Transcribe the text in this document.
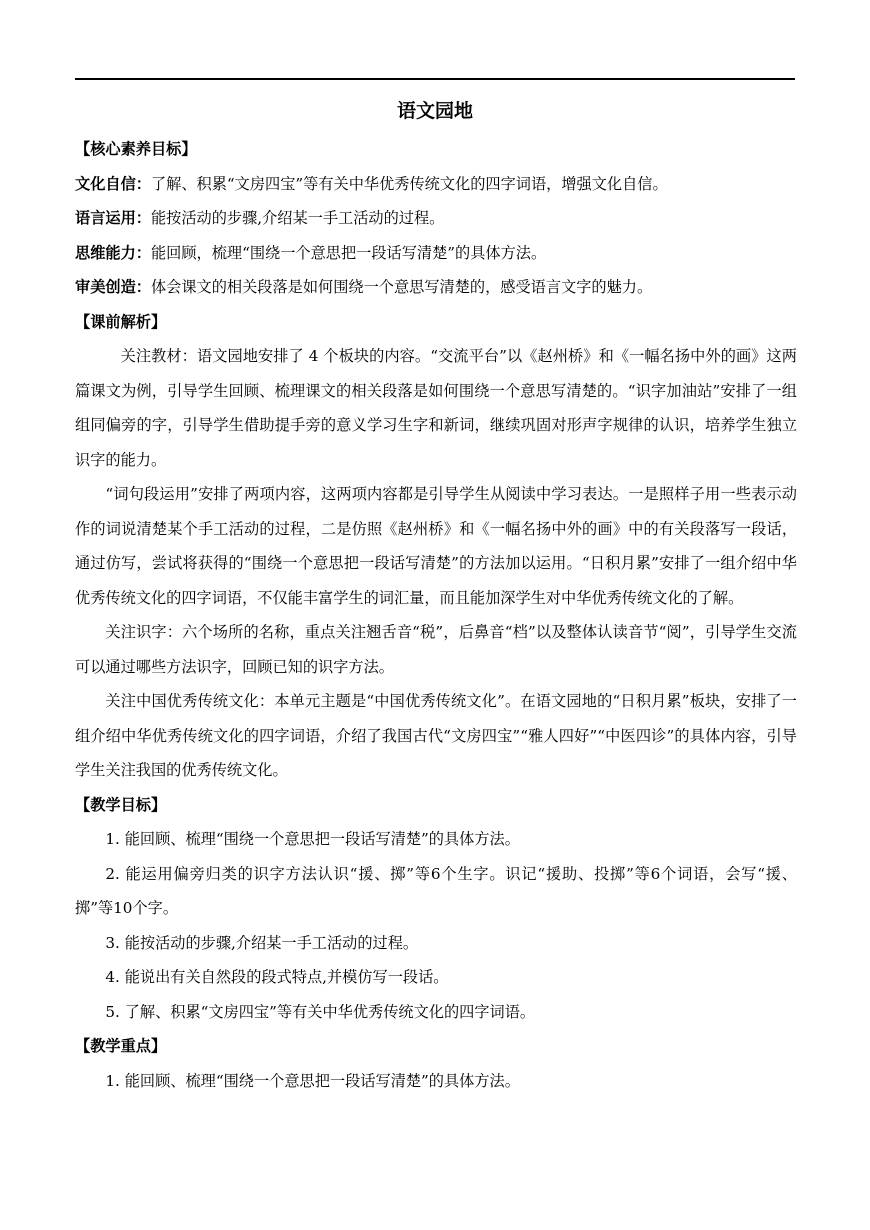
语文园地

【核心素养目标】

文化自信：了解、积累“文房四宝”等有关中华优秀传统文化的四字词语，增强文化自信。

语言运用：能按活动的步骤,介绍某一手工活动的过程。

思维能力：能回顾，梳理“围绕一个意思把一段话写清楚”的具体方法。

审美创造：体会课文的相关段落是如何围绕一个意思写清楚的，感受语言文字的魅力。

【课前解析】

关注教材：语文园地安排了 4 个板块的内容。“交流平台”以《赵州桥》和《一幅名扬中外的画》这两篇课文为例，引导学生回顾、梳理课文的相关段落是如何围绕一个意思写清楚的。“识字加油站”安排了一组组同偏旁的字，引导学生借助提手旁的意义学习生字和新词，继续巩固对形声字规律的认识，培养学生独立识字的能力。

“词句段运用”安排了两项内容，这两项内容都是引导学生从阅读中学习表达。一是照样子用一些表示动作的词说清楚某个手工活动的过程，二是仿照《赵州桥》和《一幅名扬中外的画》中的有关段落写一段话，通过仿写，尝试将获得的“围绕一个意思把一段话写清楚”的方法加以运用。“日积月累”安排了一组介绍中华优秀传统文化的四字词语，不仅能丰富学生的词汇量，而且能加深学生对中华优秀传统文化的了解。

关注识字：六个场所的名称，重点关注翘舌音“税”，后鼻音“档”以及整体认读音节“阅”，引导学生交流可以通过哪些方法识字，回顾已知的识字方法。

关注中国优秀传统文化：本单元主题是“中国优秀传统文化”。在语文园地的“日积月累”板块，安排了一组介绍中华优秀传统文化的四字词语，介绍了我国古代“文房四宝”“雅人四好”“中医四诊”的具体内容，引导学生关注我国的优秀传统文化。

【教学目标】

1. 能回顾、梳理“围绕一个意思把一段话写清楚”的具体方法。

2. 能运用偏旁归类的识字方法认识“援、掷”等6个生字。识记“援助、投掷”等6个词语，会写“援、掷”等10个字。

3. 能按活动的步骤,介绍某一手工活动的过程。

4. 能说出有关自然段的段式特点,并模仿写一段话。

5. 了解、积累“文房四宝”等有关中华优秀传统文化的四字词语。

【教学重点】

1. 能回顾、梳理“围绕一个意思把一段话写清楚”的具体方法。
